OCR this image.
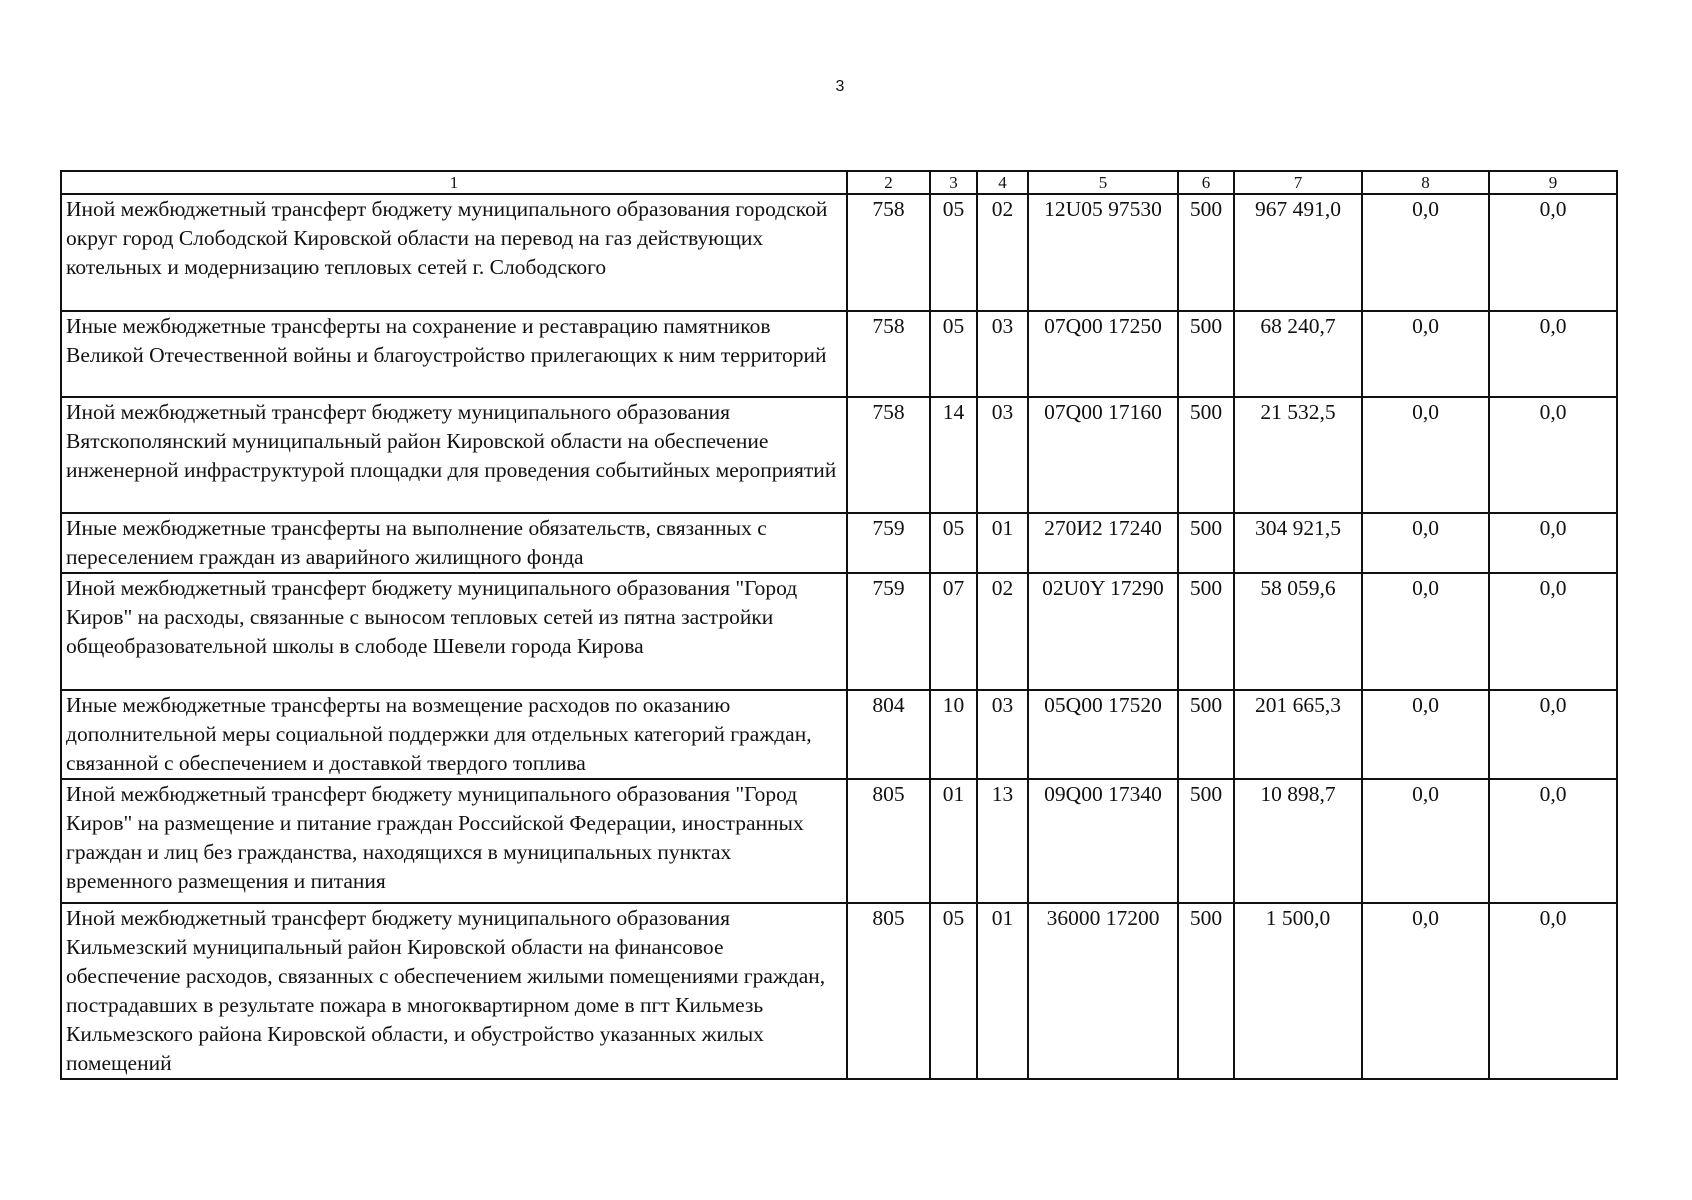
3
1	2	3	4	5	6	7	8	9
Иной межбюджетный трансферт бюджету муниципального образования городской округ город Слободской Кировской области на перевод на газ действующих котельных и модернизацию тепловых сетей г. Слободского	758	05	02	12U05 97530	500	967 491,0	0,0	0,0
Иные межбюджетные трансферты на сохранение и реставрацию памятников Великой Отечественной войны и благоустройство прилегающих к ним территорий	758	05	03	07Q00 17250	500	68 240,7	0,0	0,0
Иной межбюджетный трансферт бюджету муниципального образования Вятскополянский муниципальный район Кировской области на обеспечение инженерной инфраструктурой площадки для проведения событийных мероприятий	758	14	03	07Q00 17160	500	21 532,5	0,0	0,0
Иные межбюджетные трансферты на выполнение обязательств, связанных с переселением граждан из аварийного жилищного фонда	759	05	01	270И2 17240	500	304 921,5	0,0	0,0
Иной межбюджетный трансферт бюджету муниципального образования "Город Киров" на расходы, связанные с выносом тепловых сетей из пятна застройки общеобразовательной школы в слободе Шевели города Кирова	759	07	02	02U0Y 17290	500	58 059,6	0,0	0,0
Иные межбюджетные трансферты на возмещение расходов по оказанию дополнительной меры социальной поддержки для отдельных категорий граждан, связанной с обеспечением и доставкой твердого топлива	804	10	03	05Q00 17520	500	201 665,3	0,0	0,0
Иной межбюджетный трансферт бюджету муниципального образования "Город Киров" на размещение и питание граждан Российской Федерации, иностранных граждан и лиц без гражданства, находящихся в муниципальных пунктах временного размещения и питания	805	01	13	09Q00 17340	500	10 898,7	0,0	0,0
Иной межбюджетный трансферт бюджету муниципального образования Кильмезский муниципальный район Кировской области на финансовое обеспечение расходов, связанных с обеспечением жилыми помещениями граждан, пострадавших в результате пожара в многоквартирном доме в пгт Кильмезь Кильмезского района Кировской области, и обустройство указанных жилых помещений	805	05	01	36000 17200	500	1 500,0	0,0	0,0
